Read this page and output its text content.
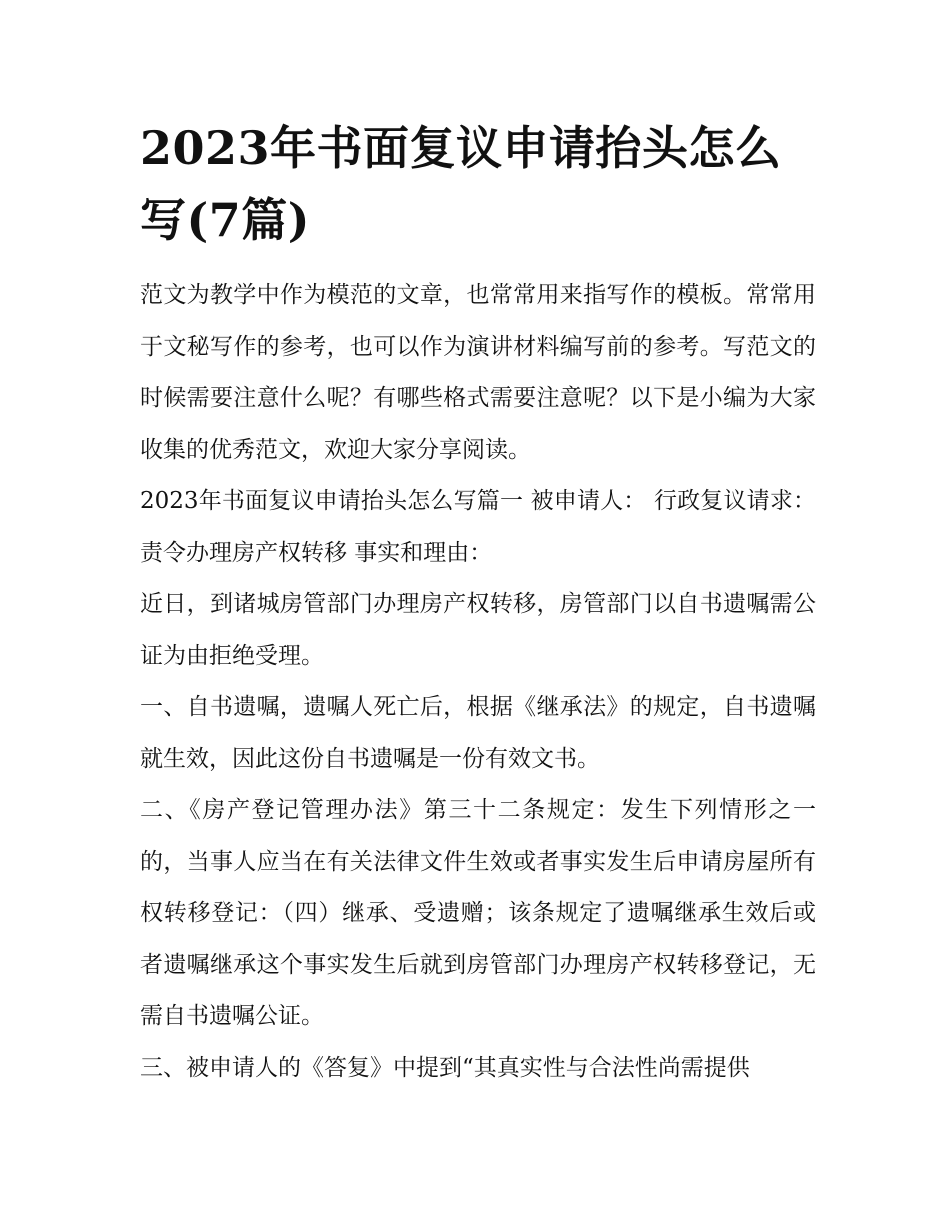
2023年书面复议申请抬头怎么写(7篇)

范文为教学中作为模范的文章，也常常用来指写作的模板。常常用于文秘写作的参考，也可以作为演讲材料编写前的参考。写范文的时候需要注意什么呢？有哪些格式需要注意呢？以下是小编为大家收集的优秀范文，欢迎大家分享阅读。

2023年书面复议申请抬头怎么写篇一 被申请人： 行政复议请求： 责令办理房产权转移 事实和理由：

近日，到诸城房管部门办理房产权转移，房管部门以自书遗嘱需公证为由拒绝受理。

一、自书遗嘱，遗嘱人死亡后，根据《继承法》的规定，自书遗嘱就生效，因此这份自书遗嘱是一份有效文书。

二、《房产登记管理办法》第三十二条规定：发生下列情形之一的，当事人应当在有关法律文件生效或者事实发生后申请房屋所有权转移登记：（四）继承、受遗赠；该条规定了遗嘱继承生效后或者遗嘱继承这个事实发生后就到房管部门办理房产权转移登记，无需自书遗嘱公证。

三、被申请人的《答复》中提到“其真实性与合法性尚需提供
